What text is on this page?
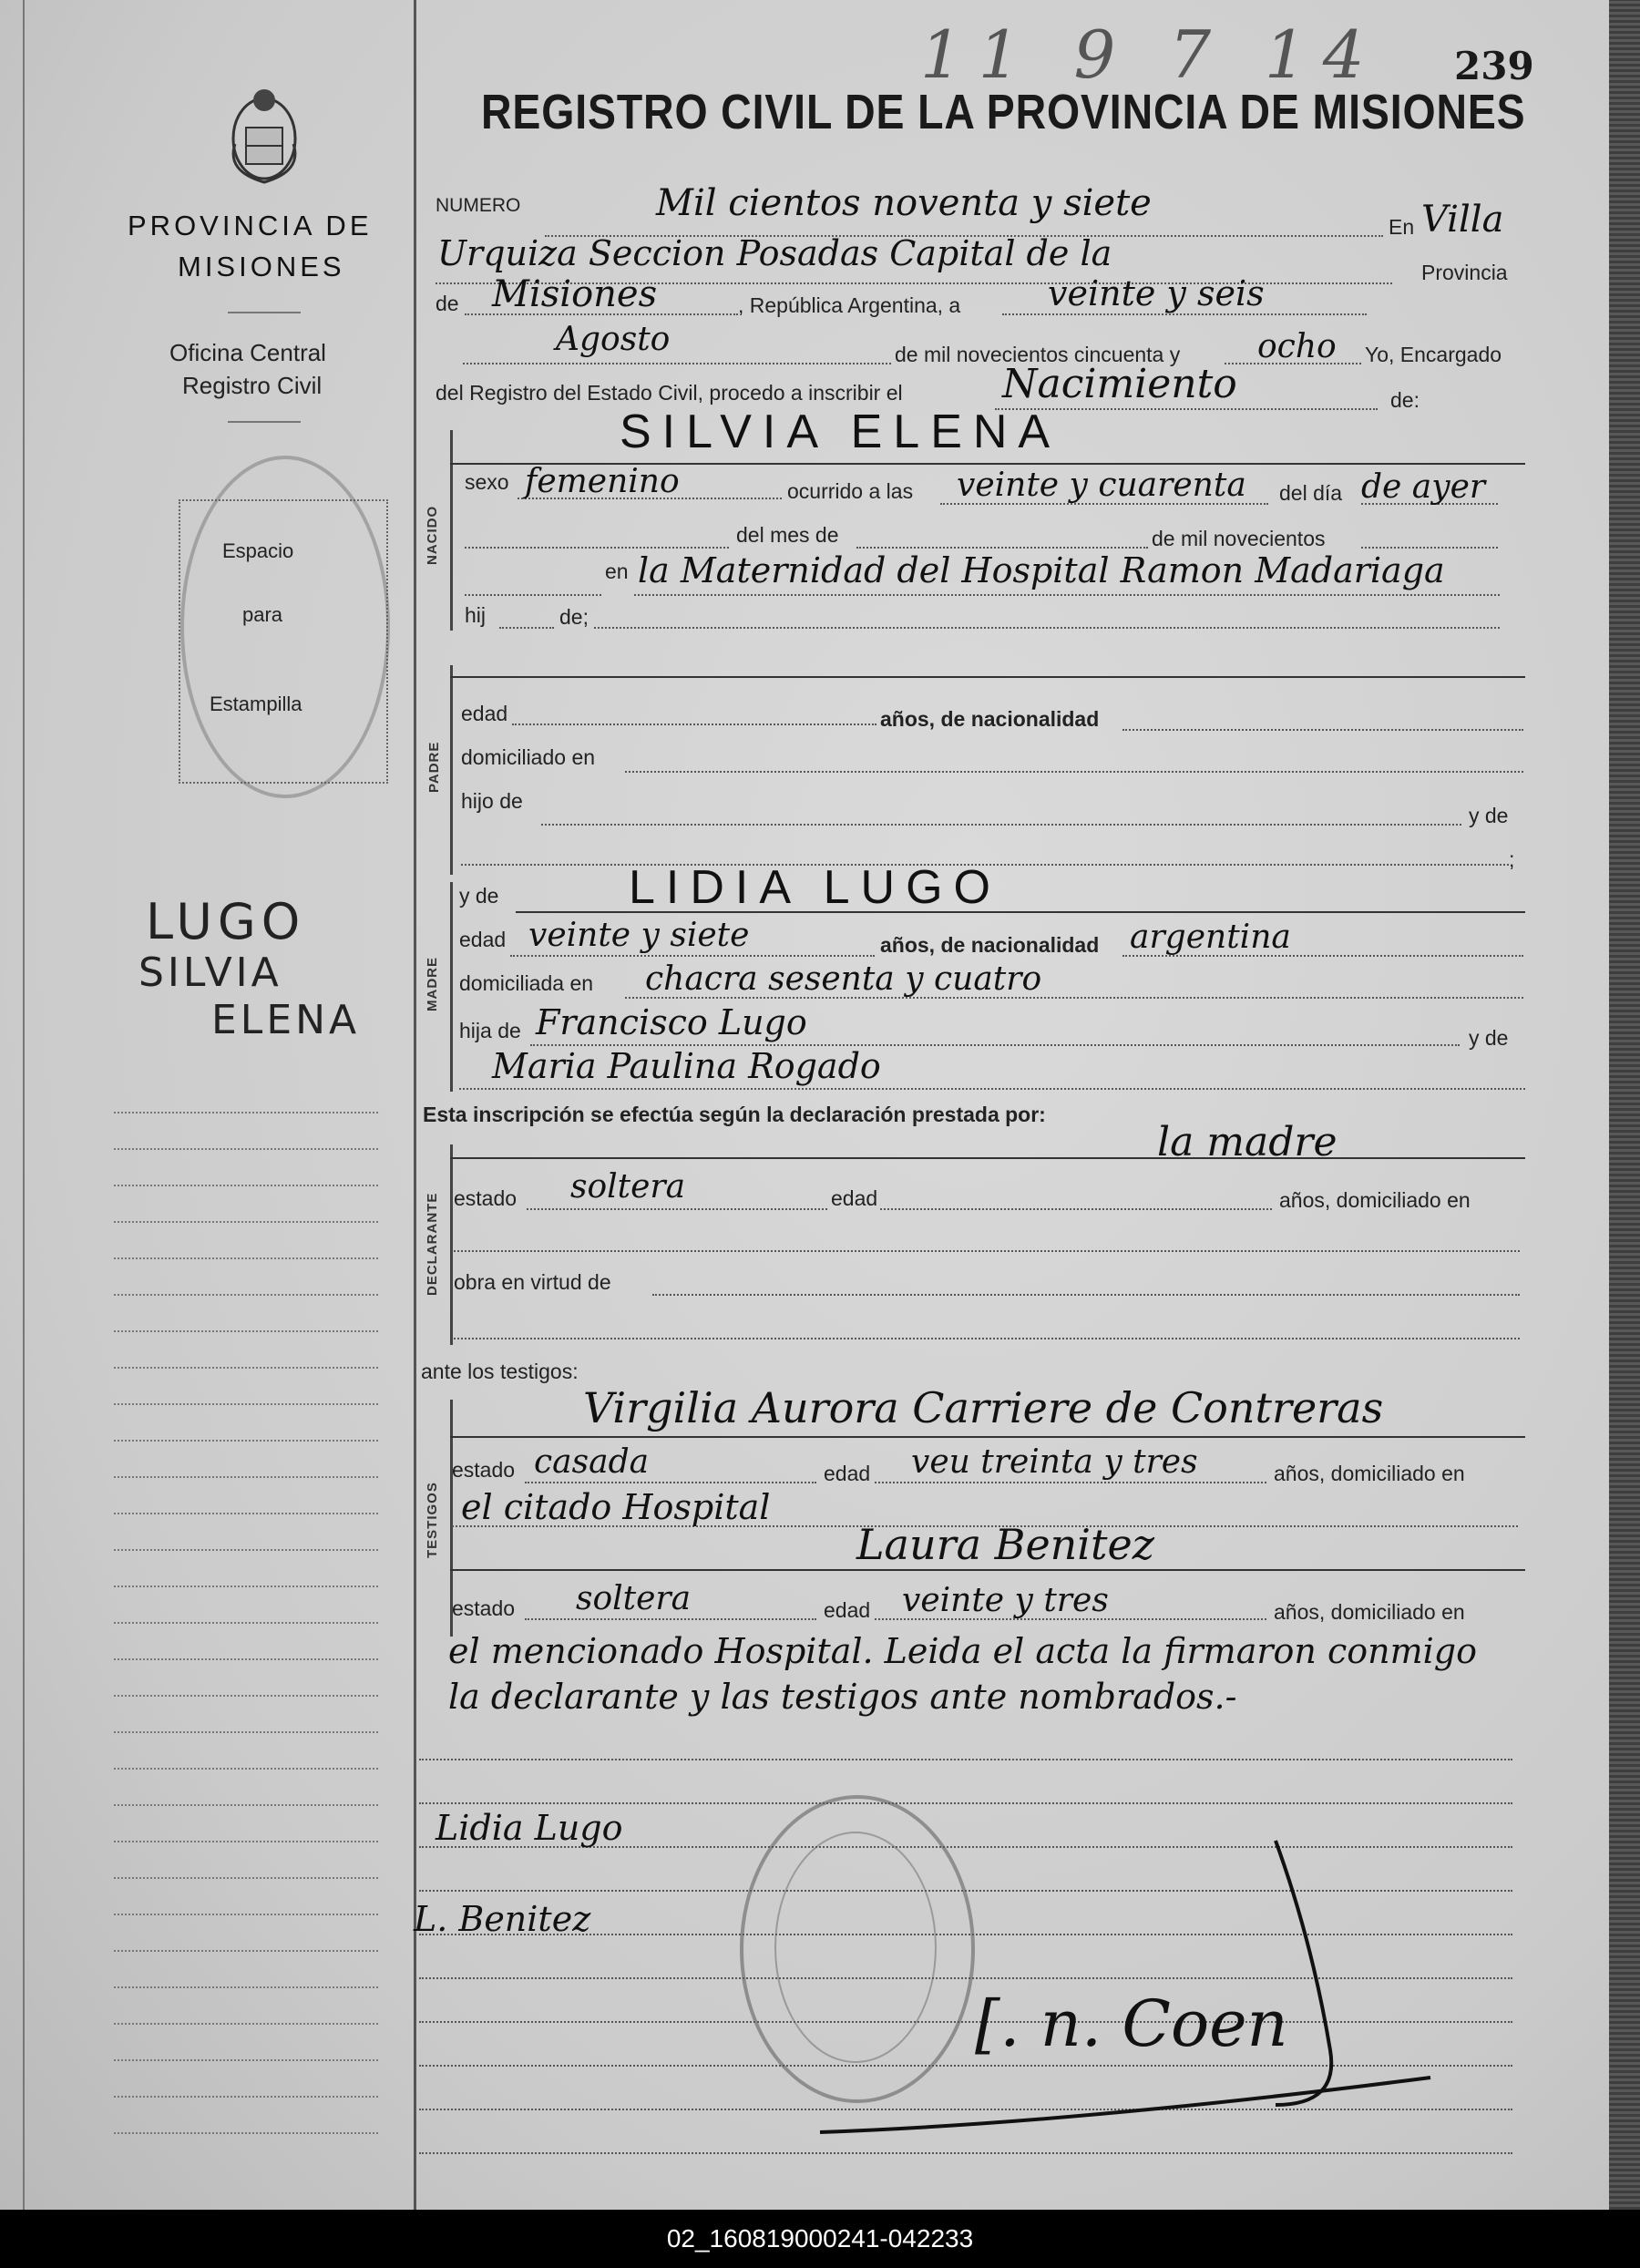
PROVINCIA DE
MISIONES
Oficina Central
Registro Civil
Espacio
para
Estampilla
LUGO
SILVIA
ELENA
11 9 7 14 239
REGISTRO CIVIL DE LA PROVINCIA DE MISIONES
NUMERO	Mil cientos noventa y siete
En Villa
Urquiza Seccion Posadas Capital de la	Provincia
de Misiones	, República Argentina, a	veinte y seis
Agosto	de mil novecientos cincuenta y ocho Yo, Encargado
del Registro del Estado Civil, procedo a inscribir el Nacimiento	de:
NACIDO
SILVIA ELENA
sexo femenino	ocurrido a las veinte y cuarenta del día de ayer
del mes de	de mil novecientos
en la Maternidad del Hospital Ramon Madariaga
hij	de;
PADRE
edad	años, de nacionalidad
domiciliado en
hijo de
y de
;
MADRE
y de	LIDIA LUGO
edad veinte y siete	años, de nacionalidad argentina
domiciliada en chacra sesenta y cuatro
hija de Francisco Lugo	y de
Maria Paulina Rogado
Esta inscripción se efectúa según la declaración prestada por:
la madre
DECLARANTE estado soltera	edad	años, domiciliado en
obra en virtud de
ante los testigos:
TESTIGOS
Virgilia Aurora Carriere de Contreras
estado casada	edad veu treinta y tres	años, domiciliado en
el citado Hospital
Laura Benitez
estado soltera	edad veinte y tres	años, domiciliado en
el mencionado Hospital. Leida el acta la firmaron conmigo
la declarante y las testigos ante nombrados.-
Lidia Lugo
L. Benitez
[. n. Coen
02_160819000241-042233
